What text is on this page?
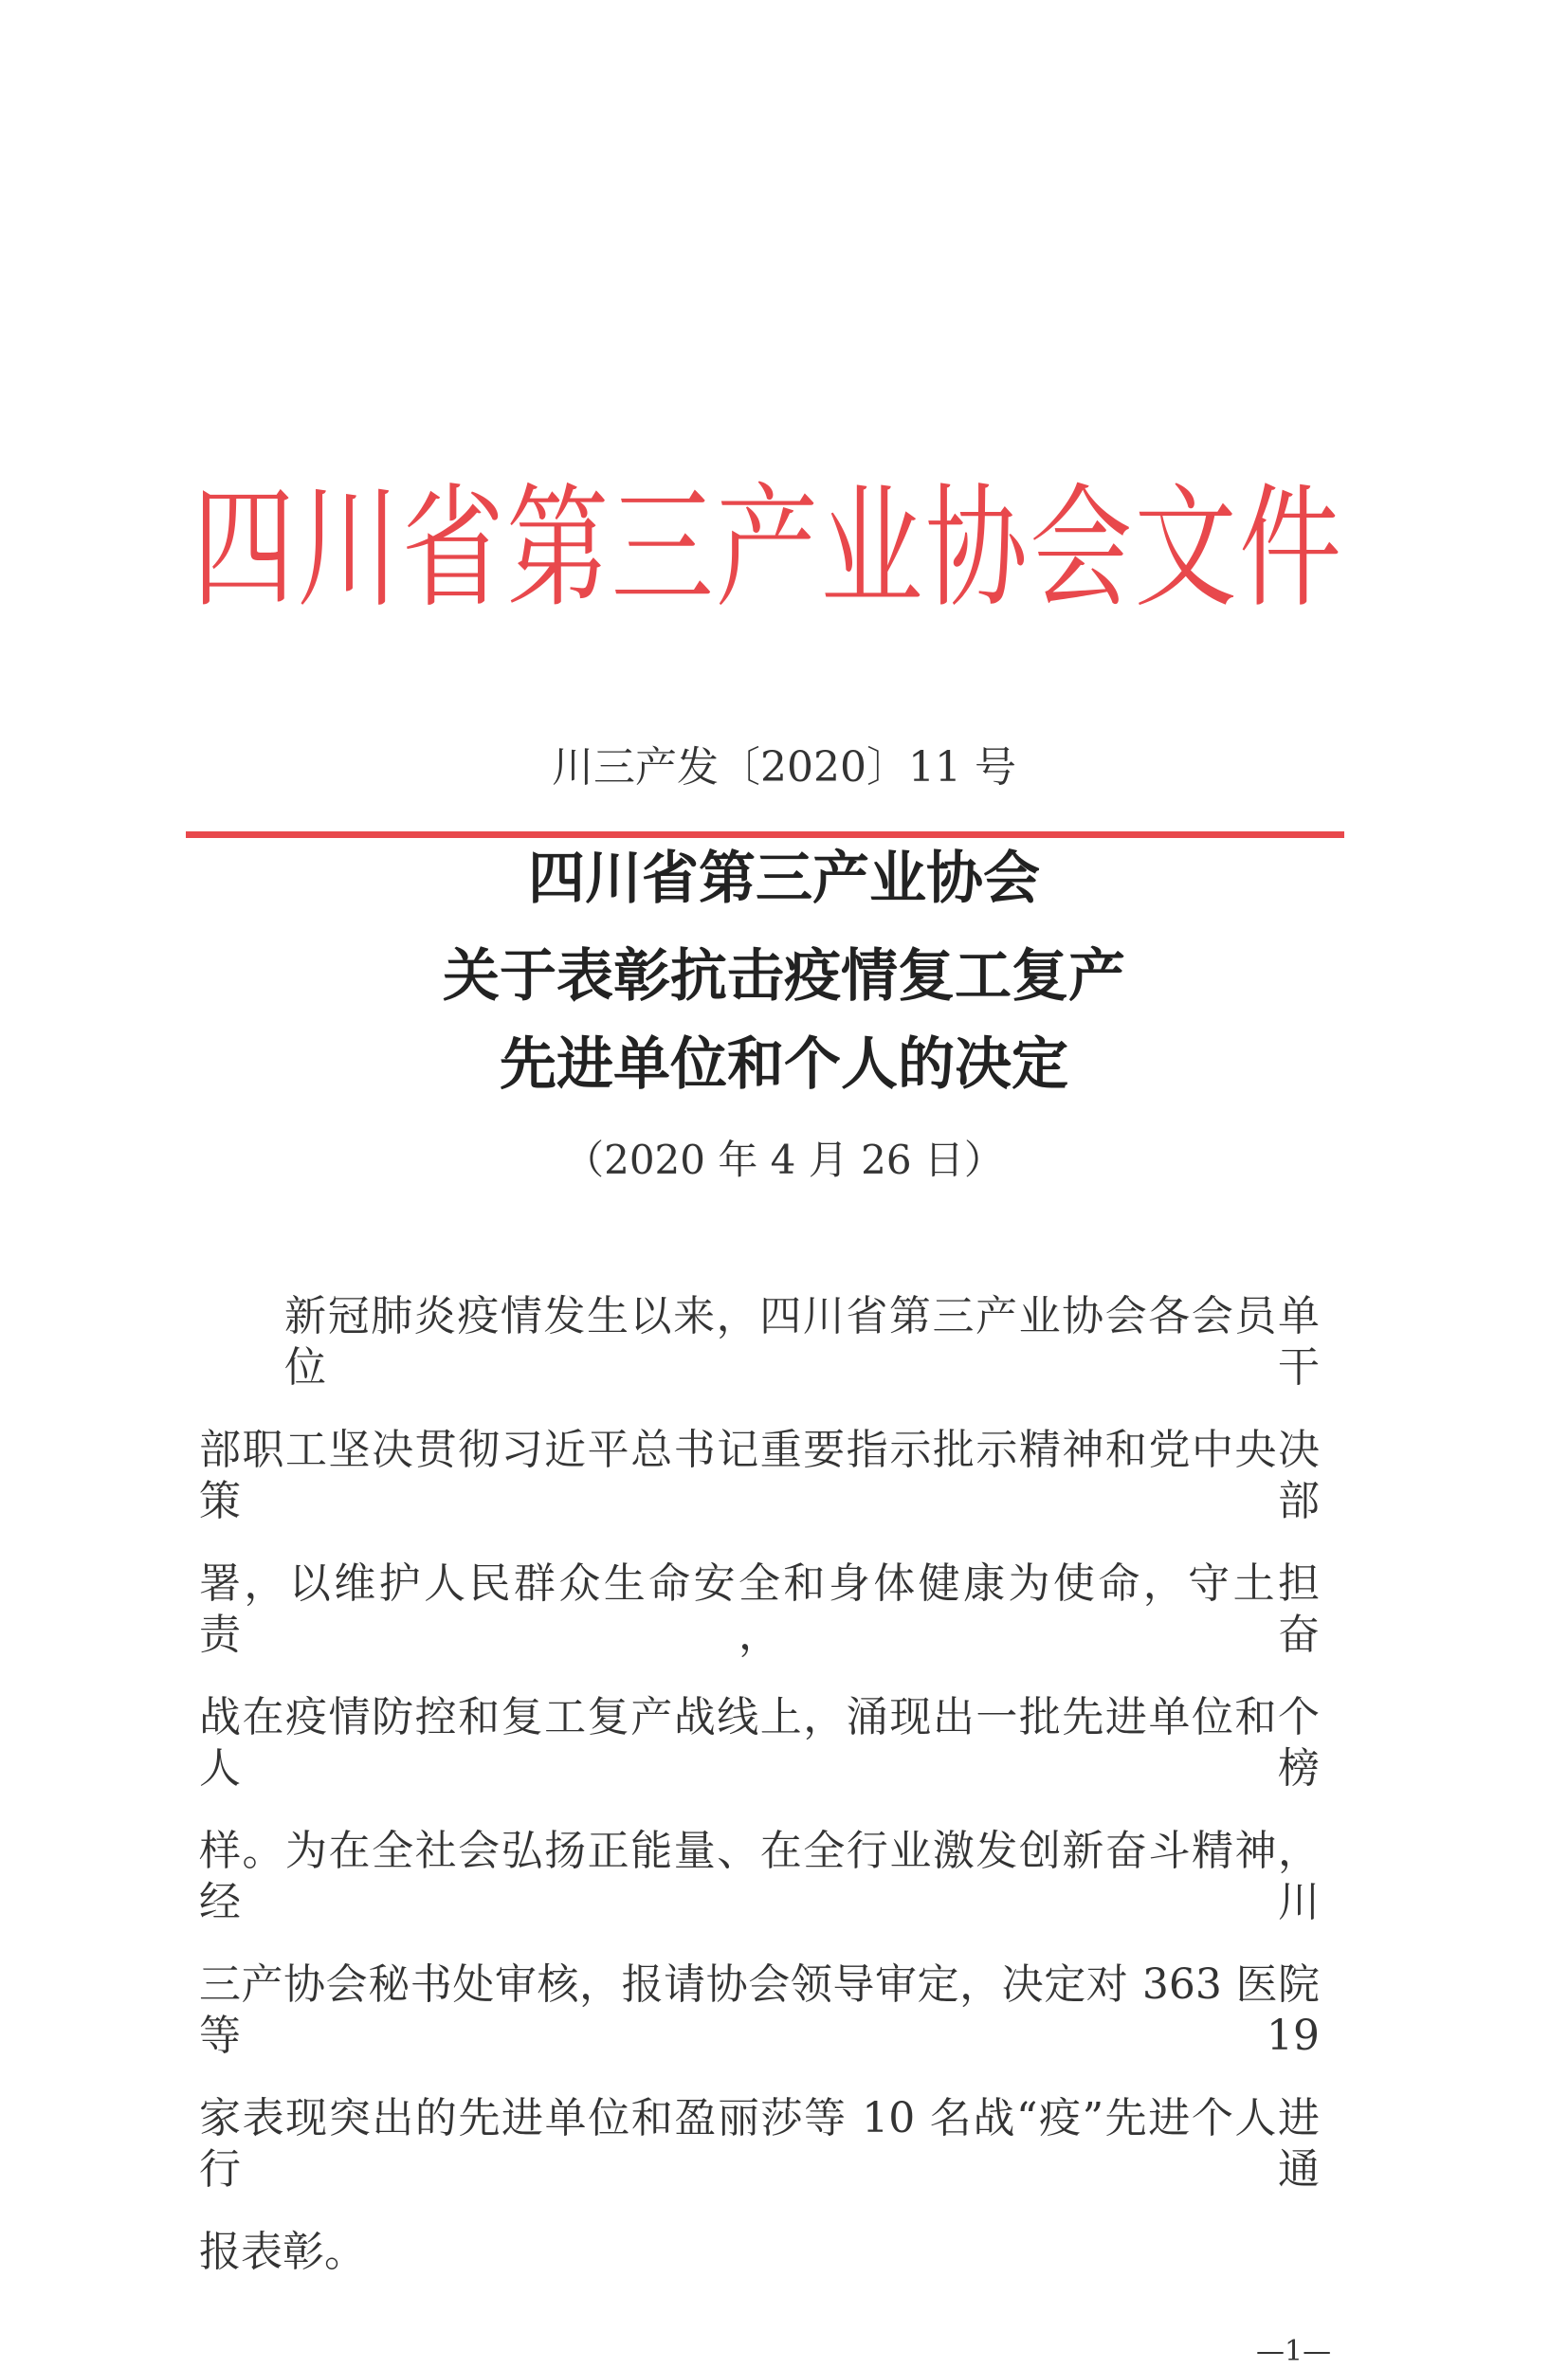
四川省第三产业协会文件
川三产发〔2020〕11 号
四川省第三产业协会
关于表彰抗击疫情复工复产
先进单位和个人的决定
（2020 年 4 月 26 日）
新冠肺炎疫情发生以来，四川省第三产业协会各会员单位干
部职工坚决贯彻习近平总书记重要指示批示精神和党中央决策部
署，以维护人民群众生命安全和身体健康为使命，守土担责，奋
战在疫情防控和复工复产战线上，涌现出一批先进单位和个人榜
样。为在全社会弘扬正能量、在全行业激发创新奋斗精神，经川
三产协会秘书处审核，报请协会领导审定，决定对 363 医院等 19
家表现突出的先进单位和盈丽莎等 10 名战“疫”先进个人进行通
报表彰。
—1—
